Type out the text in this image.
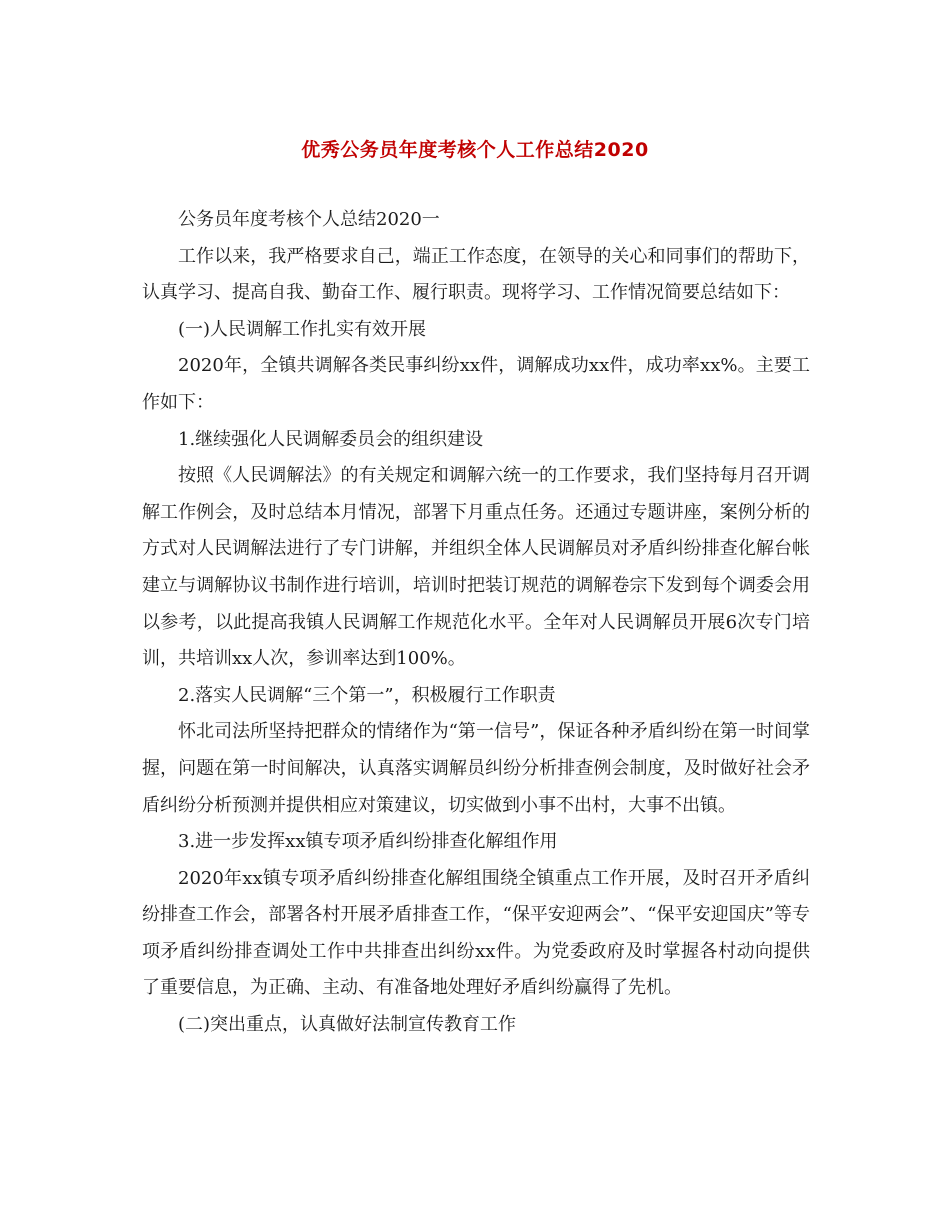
优秀公务员年度考核个人工作总结2020

公务员年度考核个人总结2020一

工作以来，我严格要求自己，端正工作态度，在领导的关心和同事们的帮助下，认真学习、提高自我、勤奋工作、履行职责。现将学习、工作情况简要总结如下：

(一)人民调解工作扎实有效开展

2020年，全镇共调解各类民事纠纷xx件，调解成功xx件，成功率xx%。主要工作如下：

1.继续强化人民调解委员会的组织建设

按照《人民调解法》的有关规定和调解六统一的工作要求，我们坚持每月召开调解工作例会，及时总结本月情况，部署下月重点任务。还通过专题讲座，案例分析的方式对人民调解法进行了专门讲解，并组织全体人民调解员对矛盾纠纷排查化解台帐建立与调解协议书制作进行培训，培训时把装订规范的调解卷宗下发到每个调委会用以参考，以此提高我镇人民调解工作规范化水平。全年对人民调解员开展6次专门培训，共培训xx人次，参训率达到100%。

2.落实人民调解“三个第一”，积极履行工作职责

怀北司法所坚持把群众的情绪作为“第一信号”，保证各种矛盾纠纷在第一时间掌握，问题在第一时间解决，认真落实调解员纠纷分析排查例会制度，及时做好社会矛盾纠纷分析预测并提供相应对策建议，切实做到小事不出村，大事不出镇。

3.进一步发挥xx镇专项矛盾纠纷排查化解组作用

2020年xx镇专项矛盾纠纷排查化解组围绕全镇重点工作开展，及时召开矛盾纠纷排查工作会，部署各村开展矛盾排查工作，“保平安迎两会”、“保平安迎国庆”等专项矛盾纠纷排查调处工作中共排查出纠纷xx件。为党委政府及时掌握各村动向提供了重要信息，为正确、主动、有准备地处理好矛盾纠纷赢得了先机。

(二)突出重点，认真做好法制宣传教育工作
